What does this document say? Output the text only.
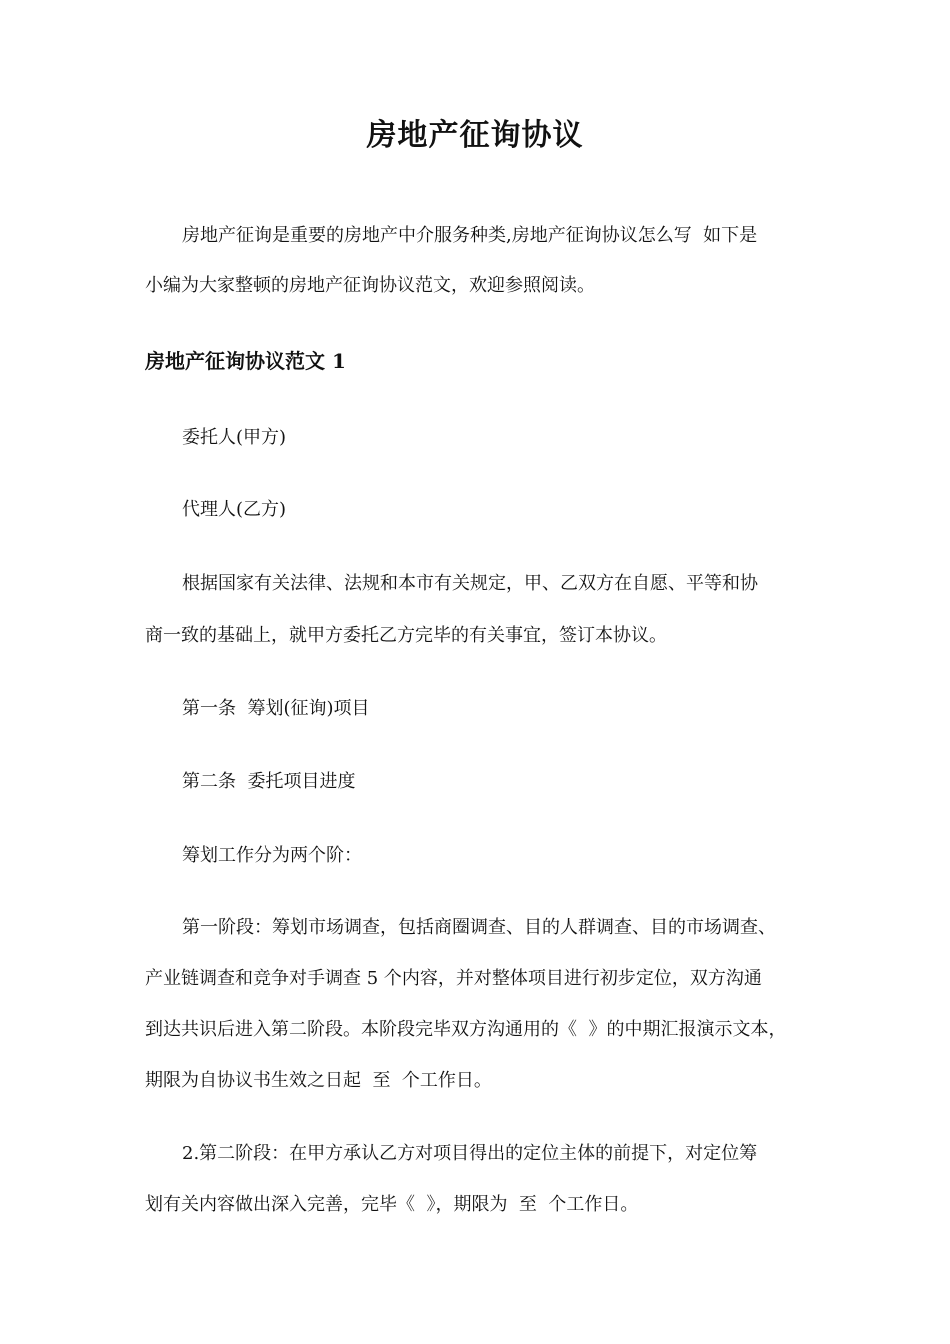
房地产征询协议

房地产征询是重要的房地产中介服务种类,房地产征询协议怎么写  如下是

小编为大家整顿的房地产征询协议范文，欢迎参照阅读。

房地产征询协议范文 1

委托人(甲方)

代理人(乙方)

根据国家有关法律、法规和本市有关规定，甲、乙双方在自愿、平等和协

商一致的基础上，就甲方委托乙方完毕的有关事宜，签订本协议。

第一条  筹划(征询)项目

第二条  委托项目进度

筹划工作分为两个阶：

第一阶段：筹划市场调查，包括商圈调查、目的人群调查、目的市场调查、

产业链调查和竞争对手调查 5 个内容，并对整体项目进行初步定位，双方沟通

到达共识后进入第二阶段。本阶段完毕双方沟通用的《  》的中期汇报演示文本，

期限为自协议书生效之日起  至  个工作日。

2.第二阶段：在甲方承认乙方对项目得出的定位主体的前提下，对定位筹

划有关内容做出深入完善，完毕《  》，期限为  至  个工作日。
